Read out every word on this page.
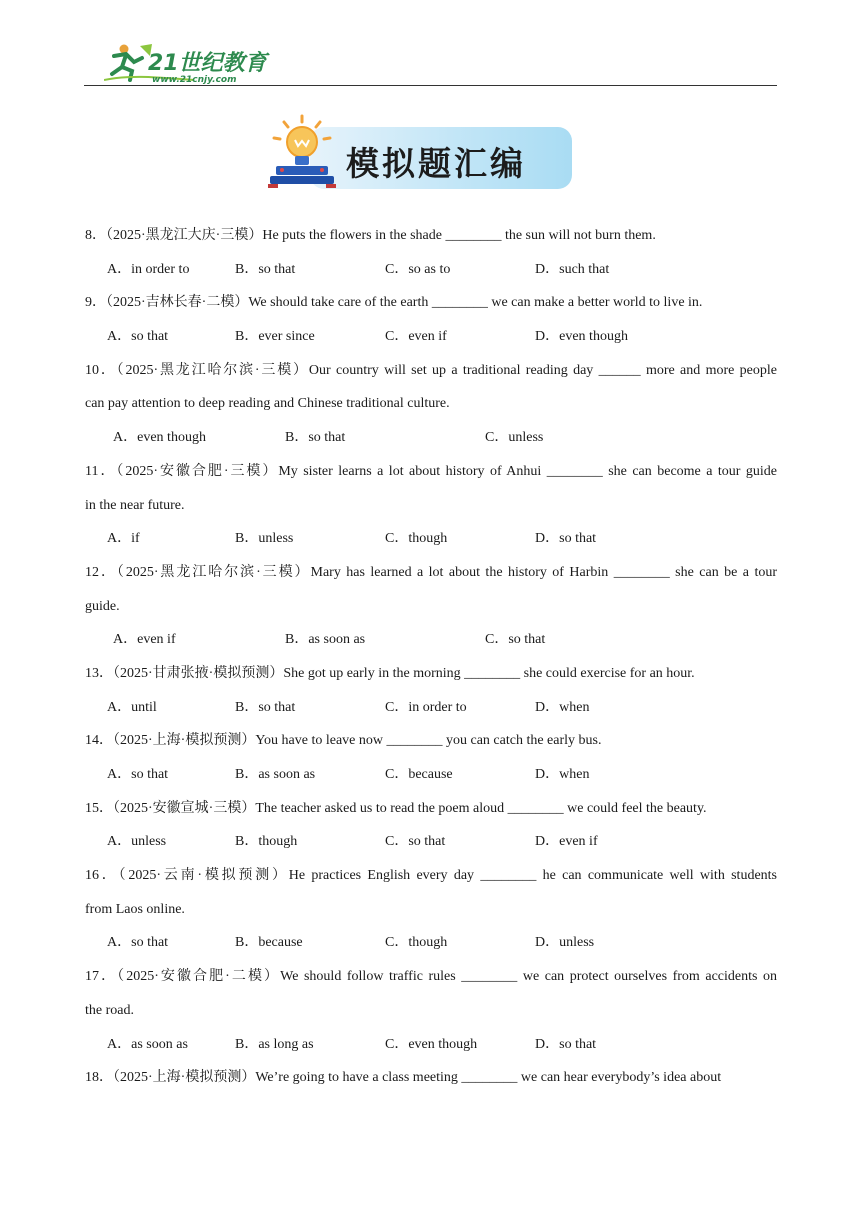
21世纪教育
www.21cnjy.com
模拟题汇编
8．（2025·黑龙江大庆·三模）He puts the flowers in the shade ________ the sun will not burn them.
A．in order to	B．so that	C．so as to	D．such that
9．（2025·吉林长春·二模）We should take care of the earth ________ we can make a better world to live in.
A．so that	B．ever since	C．even if	D．even though
10．（2025·黑龙江哈尔滨·三模）Our country will set up a traditional reading day ______ more and more people
can pay attention to deep reading and Chinese traditional culture.
A．even though	B．so that	C．unless
11．（2025·安徽合肥·三模）My sister learns a lot about history of Anhui ________ she can become a tour guide
in the near future.
A．if	B．unless	C．though	D．so that
12．（2025·黑龙江哈尔滨·三模）Mary has learned a lot about the history of Harbin ________ she can be a tour
guide.
A．even if	B．as soon as	C．so that
13．（2025·甘肃张掖·模拟预测）She got up early in the morning ________ she could exercise for an hour.
A．until	B．so that	C．in order to	D．when
14．（2025·上海·模拟预测）You have to leave now ________ you can catch the early bus.
A．so that	B．as soon as	C．because	D．when
15．（2025·安徽宣城·三模）The teacher asked us to read the poem aloud ________ we could feel the beauty.
A．unless	B．though	C．so that	D．even if
16．（2025·云南·模拟预测）He practices English every day ________ he can communicate well with students
from Laos online.
A．so that	B．because	C．though	D．unless
17．（2025·安徽合肥·二模）We should follow traffic rules ________ we can protect ourselves from accidents on
the road.
A．as soon as	B．as long as	C．even though	D．so that
18．（2025·上海·模拟预测）We’re going to have a class meeting ________ we can hear everybody’s idea about
